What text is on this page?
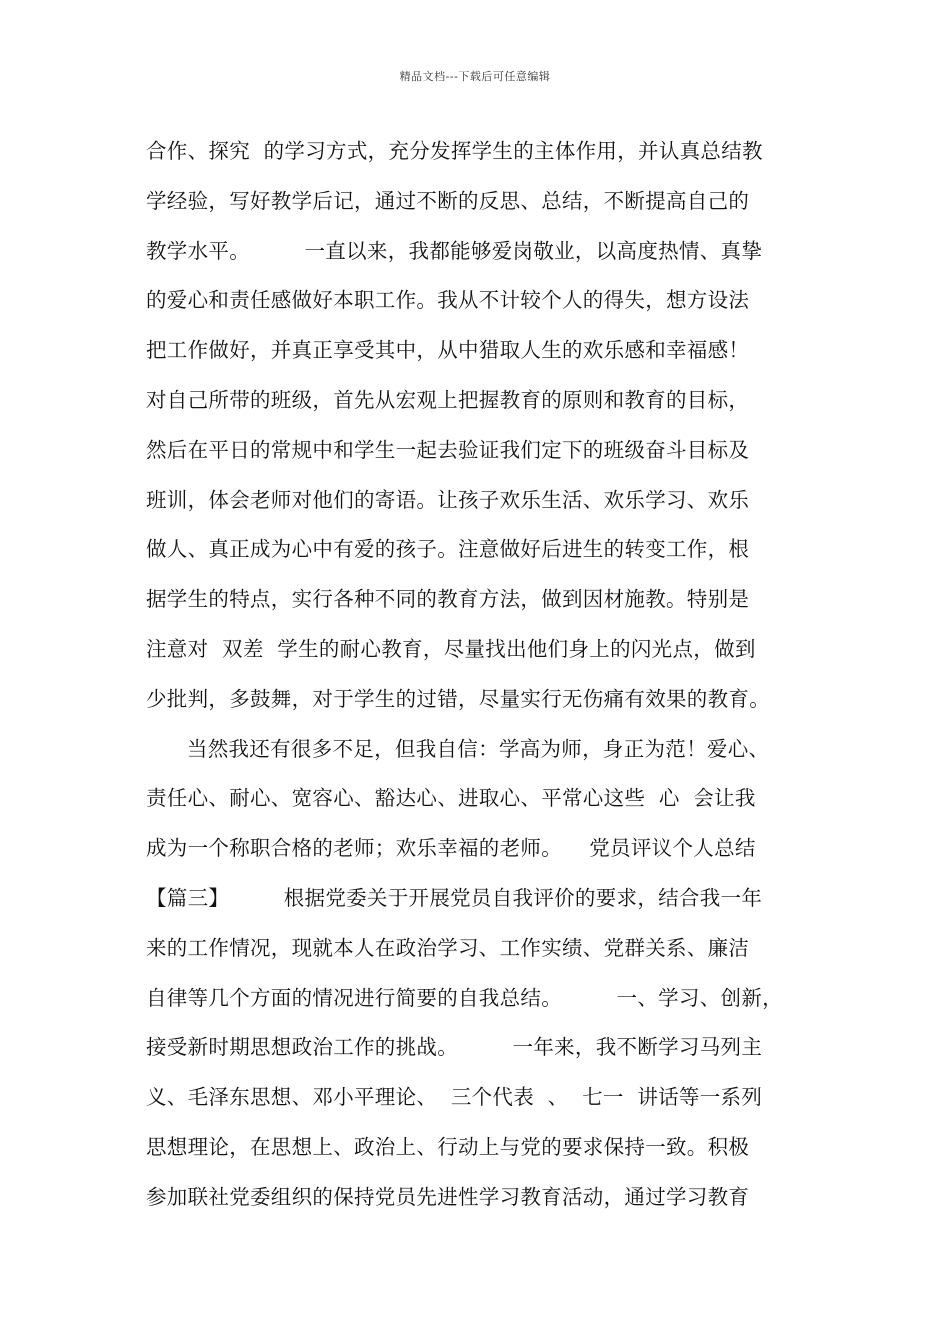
精品文档---下载后可任意编辑
合作、探究  的学习方式，充分发挥学生的主体作用，并认真总结教
学经验，写好教学后记，通过不断的反思、总结，不断提高自己的
教学水平。        一直以来，我都能够爱岗敬业，以高度热情、真挚
的爱心和责任感做好本职工作。我从不计较个人的得失，想方设法
把工作做好，并真正享受其中，从中猎取人生的欢乐感和幸福感！
对自己所带的班级，首先从宏观上把握教育的原则和教育的目标，
然后在平日的常规中和学生一起去验证我们定下的班级奋斗目标及
班训，体会老师对他们的寄语。让孩子欢乐生活、欢乐学习、欢乐
做人、真正成为心中有爱的孩子。注意做好后进生的转变工作，根
据学生的特点，实行各种不同的教育方法，做到因材施教。特别是
注意对  双差  学生的耐心教育，尽量找出他们身上的闪光点，做到
少批判，多鼓舞，对于学生的过错，尽量实行无伤痛有效果的教育。
当然我还有很多不足，但我自信：学高为师，身正为范！爱心、
责任心、耐心、宽容心、豁达心、进取心、平常心这些  心  会让我
成为一个称职合格的老师；欢乐幸福的老师。    党员评议个人总结
【篇三】        根据党委关于开展党员自我评价的要求，结合我一年
来的工作情况，现就本人在政治学习、工作实绩、党群关系、廉洁
自律等几个方面的情况进行简要的自我总结。        一、学习、创新，
接受新时期思想政治工作的挑战。        一年来，我不断学习马列主
义、毛泽东思想、邓小平理论、  三个代表  、  七一  讲话等一系列
思想理论，在思想上、政治上、行动上与党的要求保持一致。积极
参加联社党委组织的保持党员先进性学习教育活动，通过学习教育
